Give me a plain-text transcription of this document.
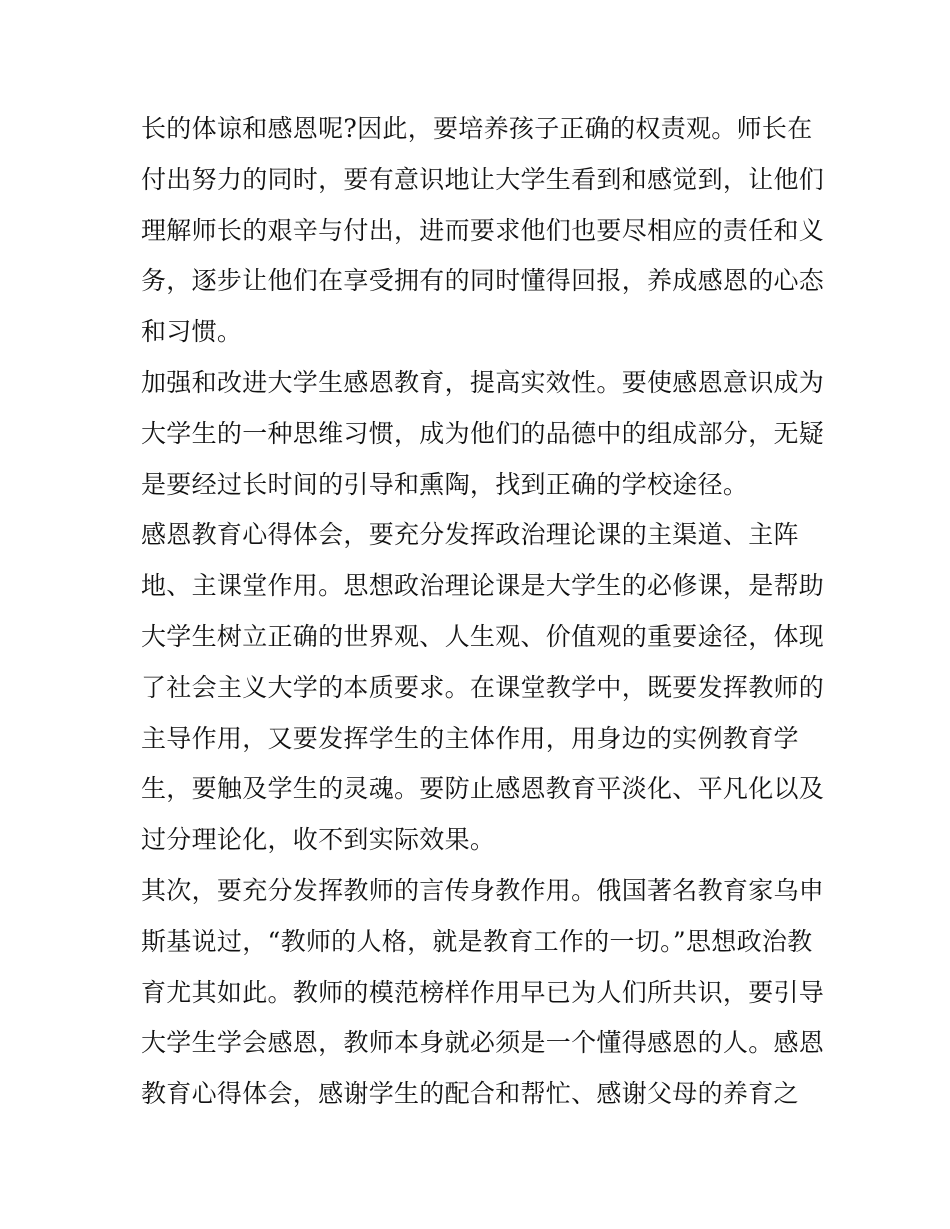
长的体谅和感恩呢?因此，要培养孩子正确的权责观。师长在
付出努力的同时，要有意识地让大学生看到和感觉到，让他们
理解师长的艰辛与付出，进而要求他们也要尽相应的责任和义
务，逐步让他们在享受拥有的同时懂得回报，养成感恩的心态
和习惯。

加强和改进大学生感恩教育，提高实效性。要使感恩意识成为
大学生的一种思维习惯，成为他们的品德中的组成部分，无疑
是要经过长时间的引导和熏陶，找到正确的学校途径。

感恩教育心得体会，要充分发挥政治理论课的主渠道、主阵
地、主课堂作用。思想政治理论课是大学生的必修课，是帮助
大学生树立正确的世界观、人生观、价值观的重要途径，体现
了社会主义大学的本质要求。在课堂教学中，既要发挥教师的
主导作用，又要发挥学生的主体作用，用身边的实例教育学
生，要触及学生的灵魂。要防止感恩教育平淡化、平凡化以及
过分理论化，收不到实际效果。

其次，要充分发挥教师的言传身教作用。俄国著名教育家乌申
斯基说过，“教师的人格，就是教育工作的一切。”思想政治教
育尤其如此。教师的模范榜样作用早已为人们所共识，要引导
大学生学会感恩，教师本身就必须是一个懂得感恩的人。感恩
教育心得体会，感谢学生的配合和帮忙、感谢父母的养育之
